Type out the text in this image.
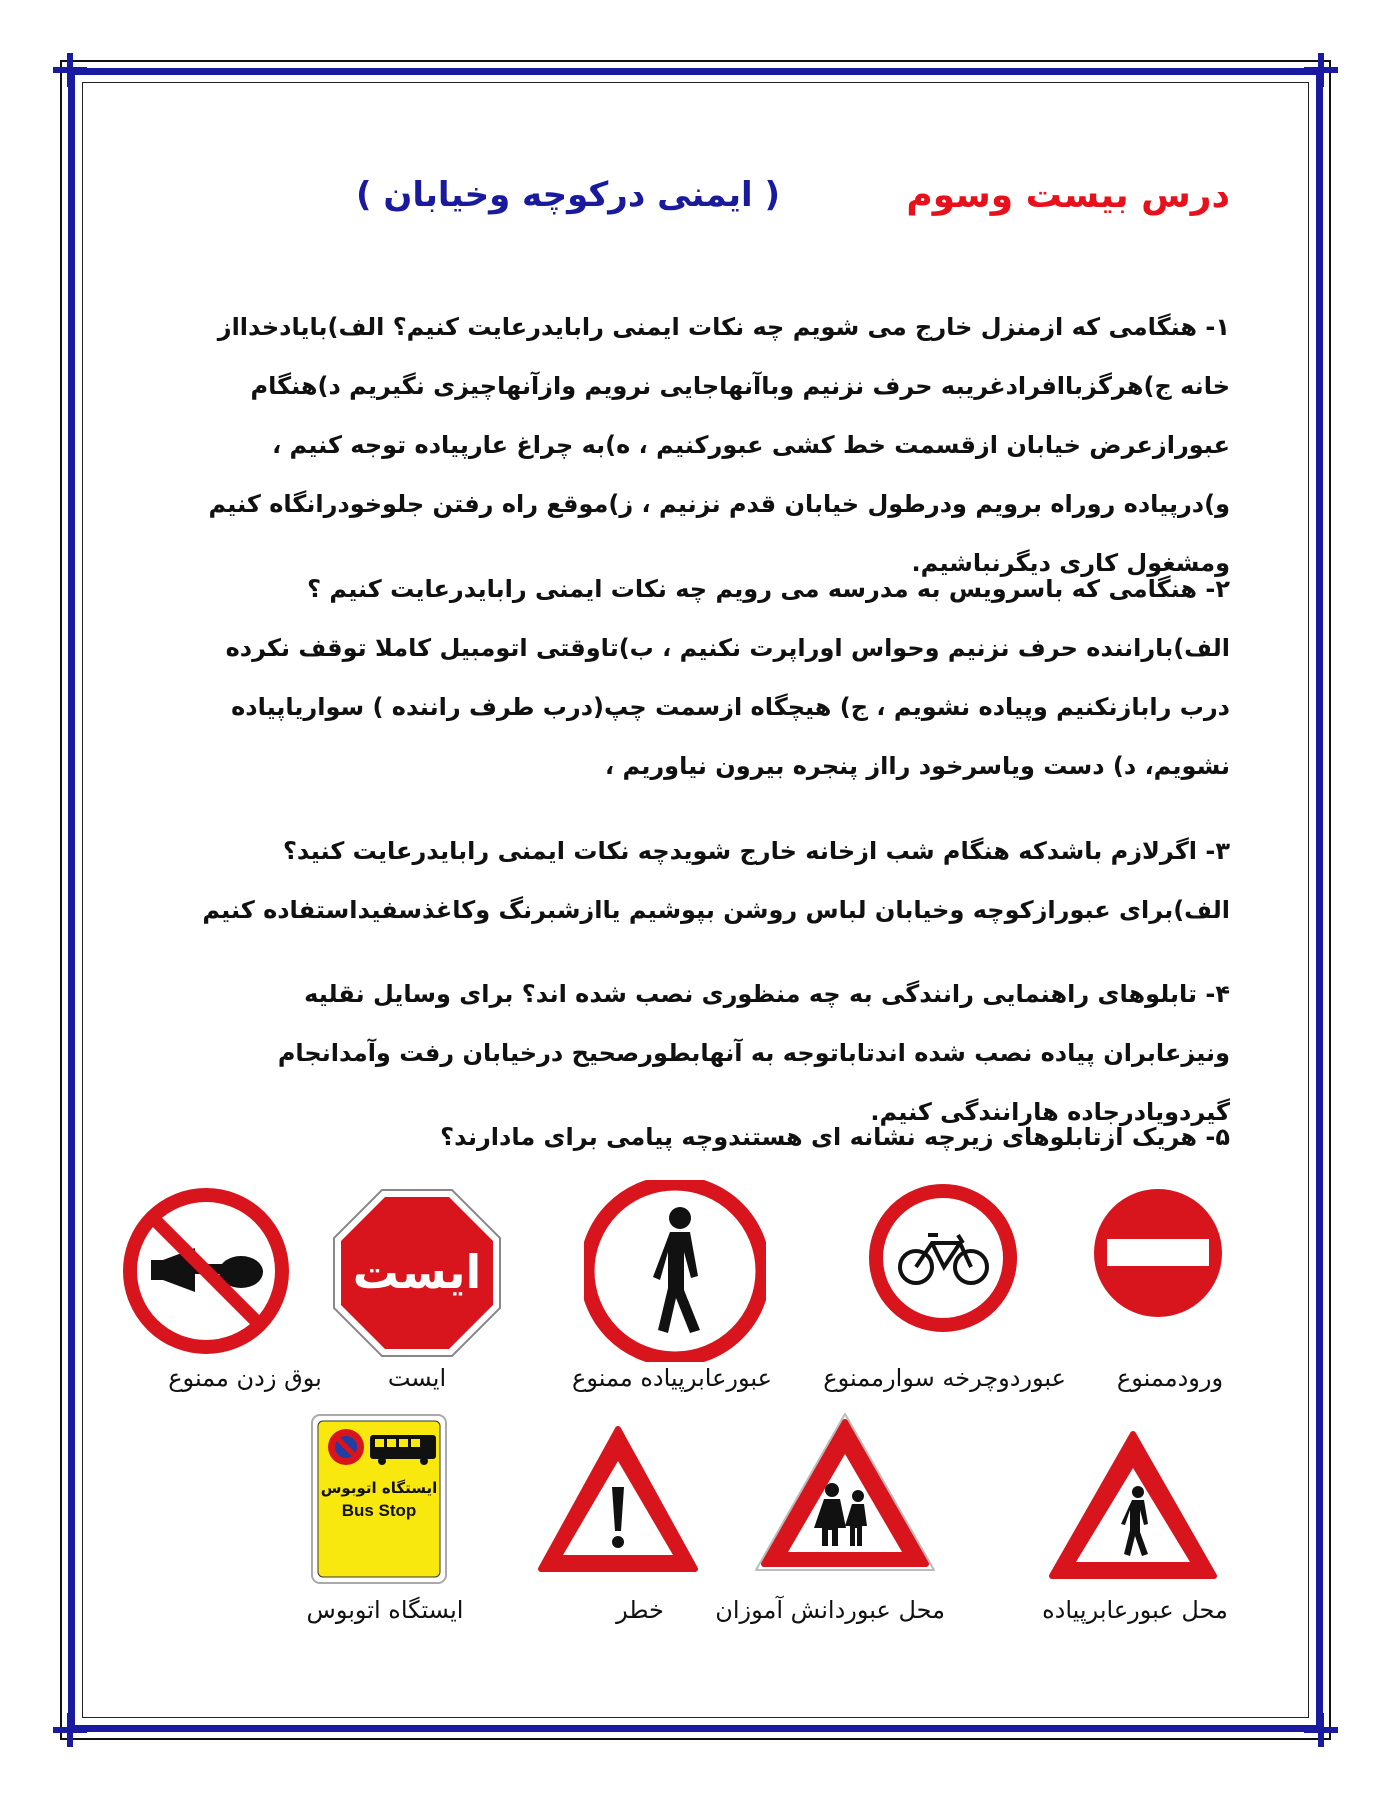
درس بیست وسوم
( ایمنی درکوچه وخیابان )
۱- هنگامی که ازمنزل خارج می شویم چه نکات ایمنی رابایدرعایت کنیم؟ الف)بایادخدااز خانه ج)هرگزباافرادغریبه حرف نزنیم وباآنهاجایی نرویم وازآنهاچیزی نگیریم د)هنگام عبورازعرض خیابان ازقسمت خط کشی عبورکنیم ، ه)به چراغ عارپیاده توجه کنیم ، و)درپیاده روراه برویم ودرطول خیابان قدم نزنیم ، ز)موقع راه رفتن جلوخودرانگاه کنیم ومشغول کاری دیگرنباشیم.
۲- هنگامی که باسرویس به مدرسه می رویم چه نکات ایمنی رابایدرعایت کنیم ؟ الف)باراننده حرف نزنیم وحواس اوراپرت نکنیم ، ب)تاوقتی اتومبیل کاملا توقف نکرده درب رابازنکنیم وپیاده نشویم ، ج) هیچگاه ازسمت چپ(درب طرف راننده ) سوارياپياده نشويم، د) دست وياسرخود رااز پنجره بیرون نیاوریم ،
۳- اگرلازم باشدکه هنگام شب ازخانه خارج شویدچه نکات ایمنی رابایدرعایت کنید؟ الف)برای عبورازکوچه وخیابان لباس روشن بپوشیم یاازشبرنگ وکاغذسفیداستفاده کنیم
۴- تابلوهای راهنمایی رانندگی به چه منظوری نصب شده اند؟ برای وسایل نقلیه ونیزعابران پیاده نصب شده اندتاباتوجه به آنهابطورصحیح درخیابان رفت وآمدانجام گیردویادرجاده هارانندگی کنیم.
۵- هریک ازتابلوهای زیرچه نشانه ای هستندوچه پیامی برای مادارند؟
ورودممنوع
عبوردوچرخه سوارممنوع
عبورعابرپیاده ممنوع
ایست
ایست
بوق زدن ممنوع
محل عبورعابرپیاده
محل عبوردانش آموزان
خطر
ایستگاه اتوبوس
Bus Stop
ایستگاه اتوبوس
